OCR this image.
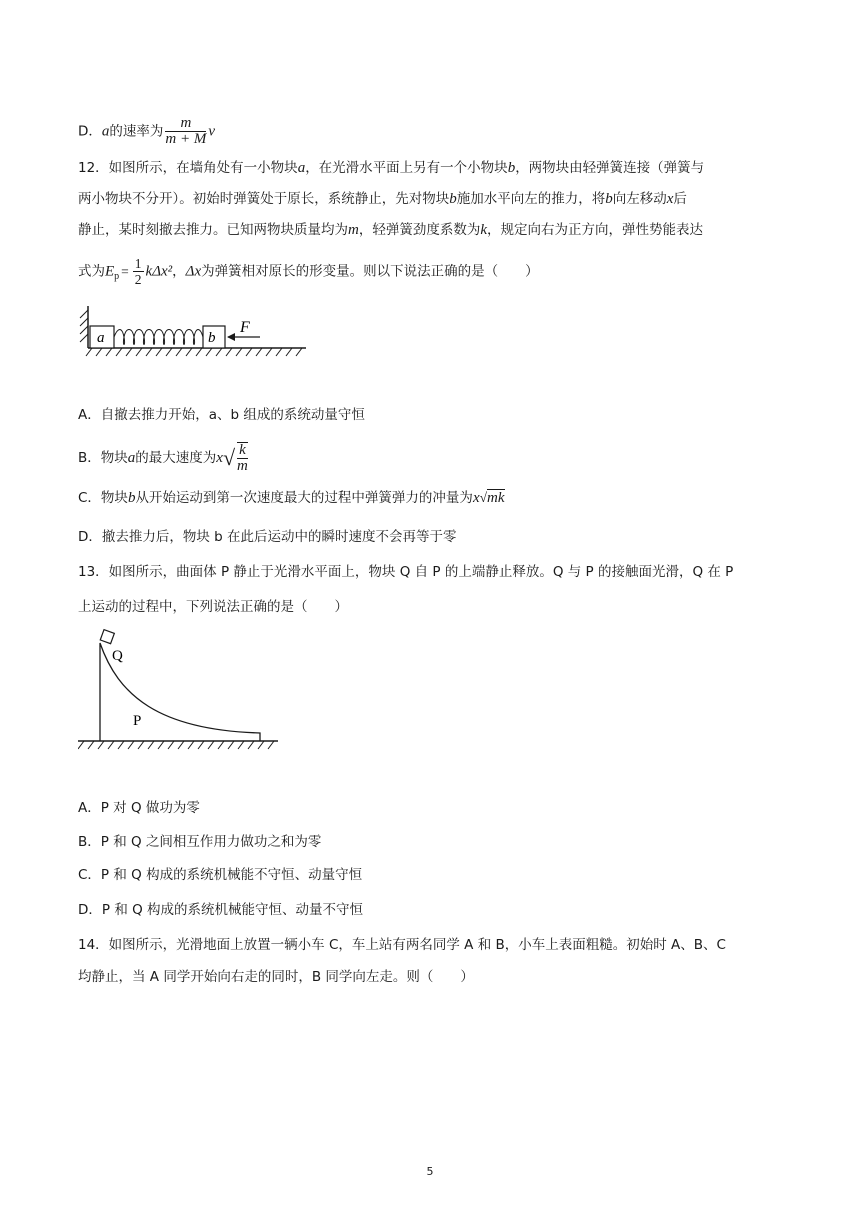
D．a的速率为 $\frac{m}{m + M}$ v
12．如图所示，在墙角处有一小物块a，在光滑水平面上另有一个小物块b，两物块由轻弹簧连接（弹簧与
两小物块不分开）。初始时弹簧处于原长，系统静止，先对物块b施加水平向左的推力，将b向左移动x后
静止，某时刻撤去推力。已知两物块质量均为m，轻弹簧劲度系数为k，规定向右为正方向，弹性势能表达
式为$E_p = \frac{1}{2} k\Delta x^2$，Δx为弹簧相对原长的形变量。则以下说法正确的是（　　）
a	b
F
A．自撤去推力开始，a、b 组成的系统动量守恒
B．物块a的最大速度为$x√ \frac{k}{m}$
C．物块b从开始运动到第一次速度最大的过程中弹簧弹力的冲量为x√mk
D．撤去推力后，物块 b 在此后运动中的瞬时速度不会再等于零
13．如图所示，曲面体 P 静止于光滑水平面上，物块 Q 自 P 的上端静止释放。Q 与 P 的接触面光滑，Q 在 P
上运动的过程中，下列说法正确的是（　　）
Q
P
A．P 对 Q 做功为零
B．P 和 Q 之间相互作用力做功之和为零
C．P 和 Q 构成的系统机械能不守恒、动量守恒
D．P 和 Q 构成的系统机械能守恒、动量不守恒
14．如图所示，光滑地面上放置一辆小车 C，车上站有两名同学 A 和 B，小车上表面粗糙。初始时 A、B、C
均静止，当 A 同学开始向右走的同时，B 同学向左走。则（　　）
5
